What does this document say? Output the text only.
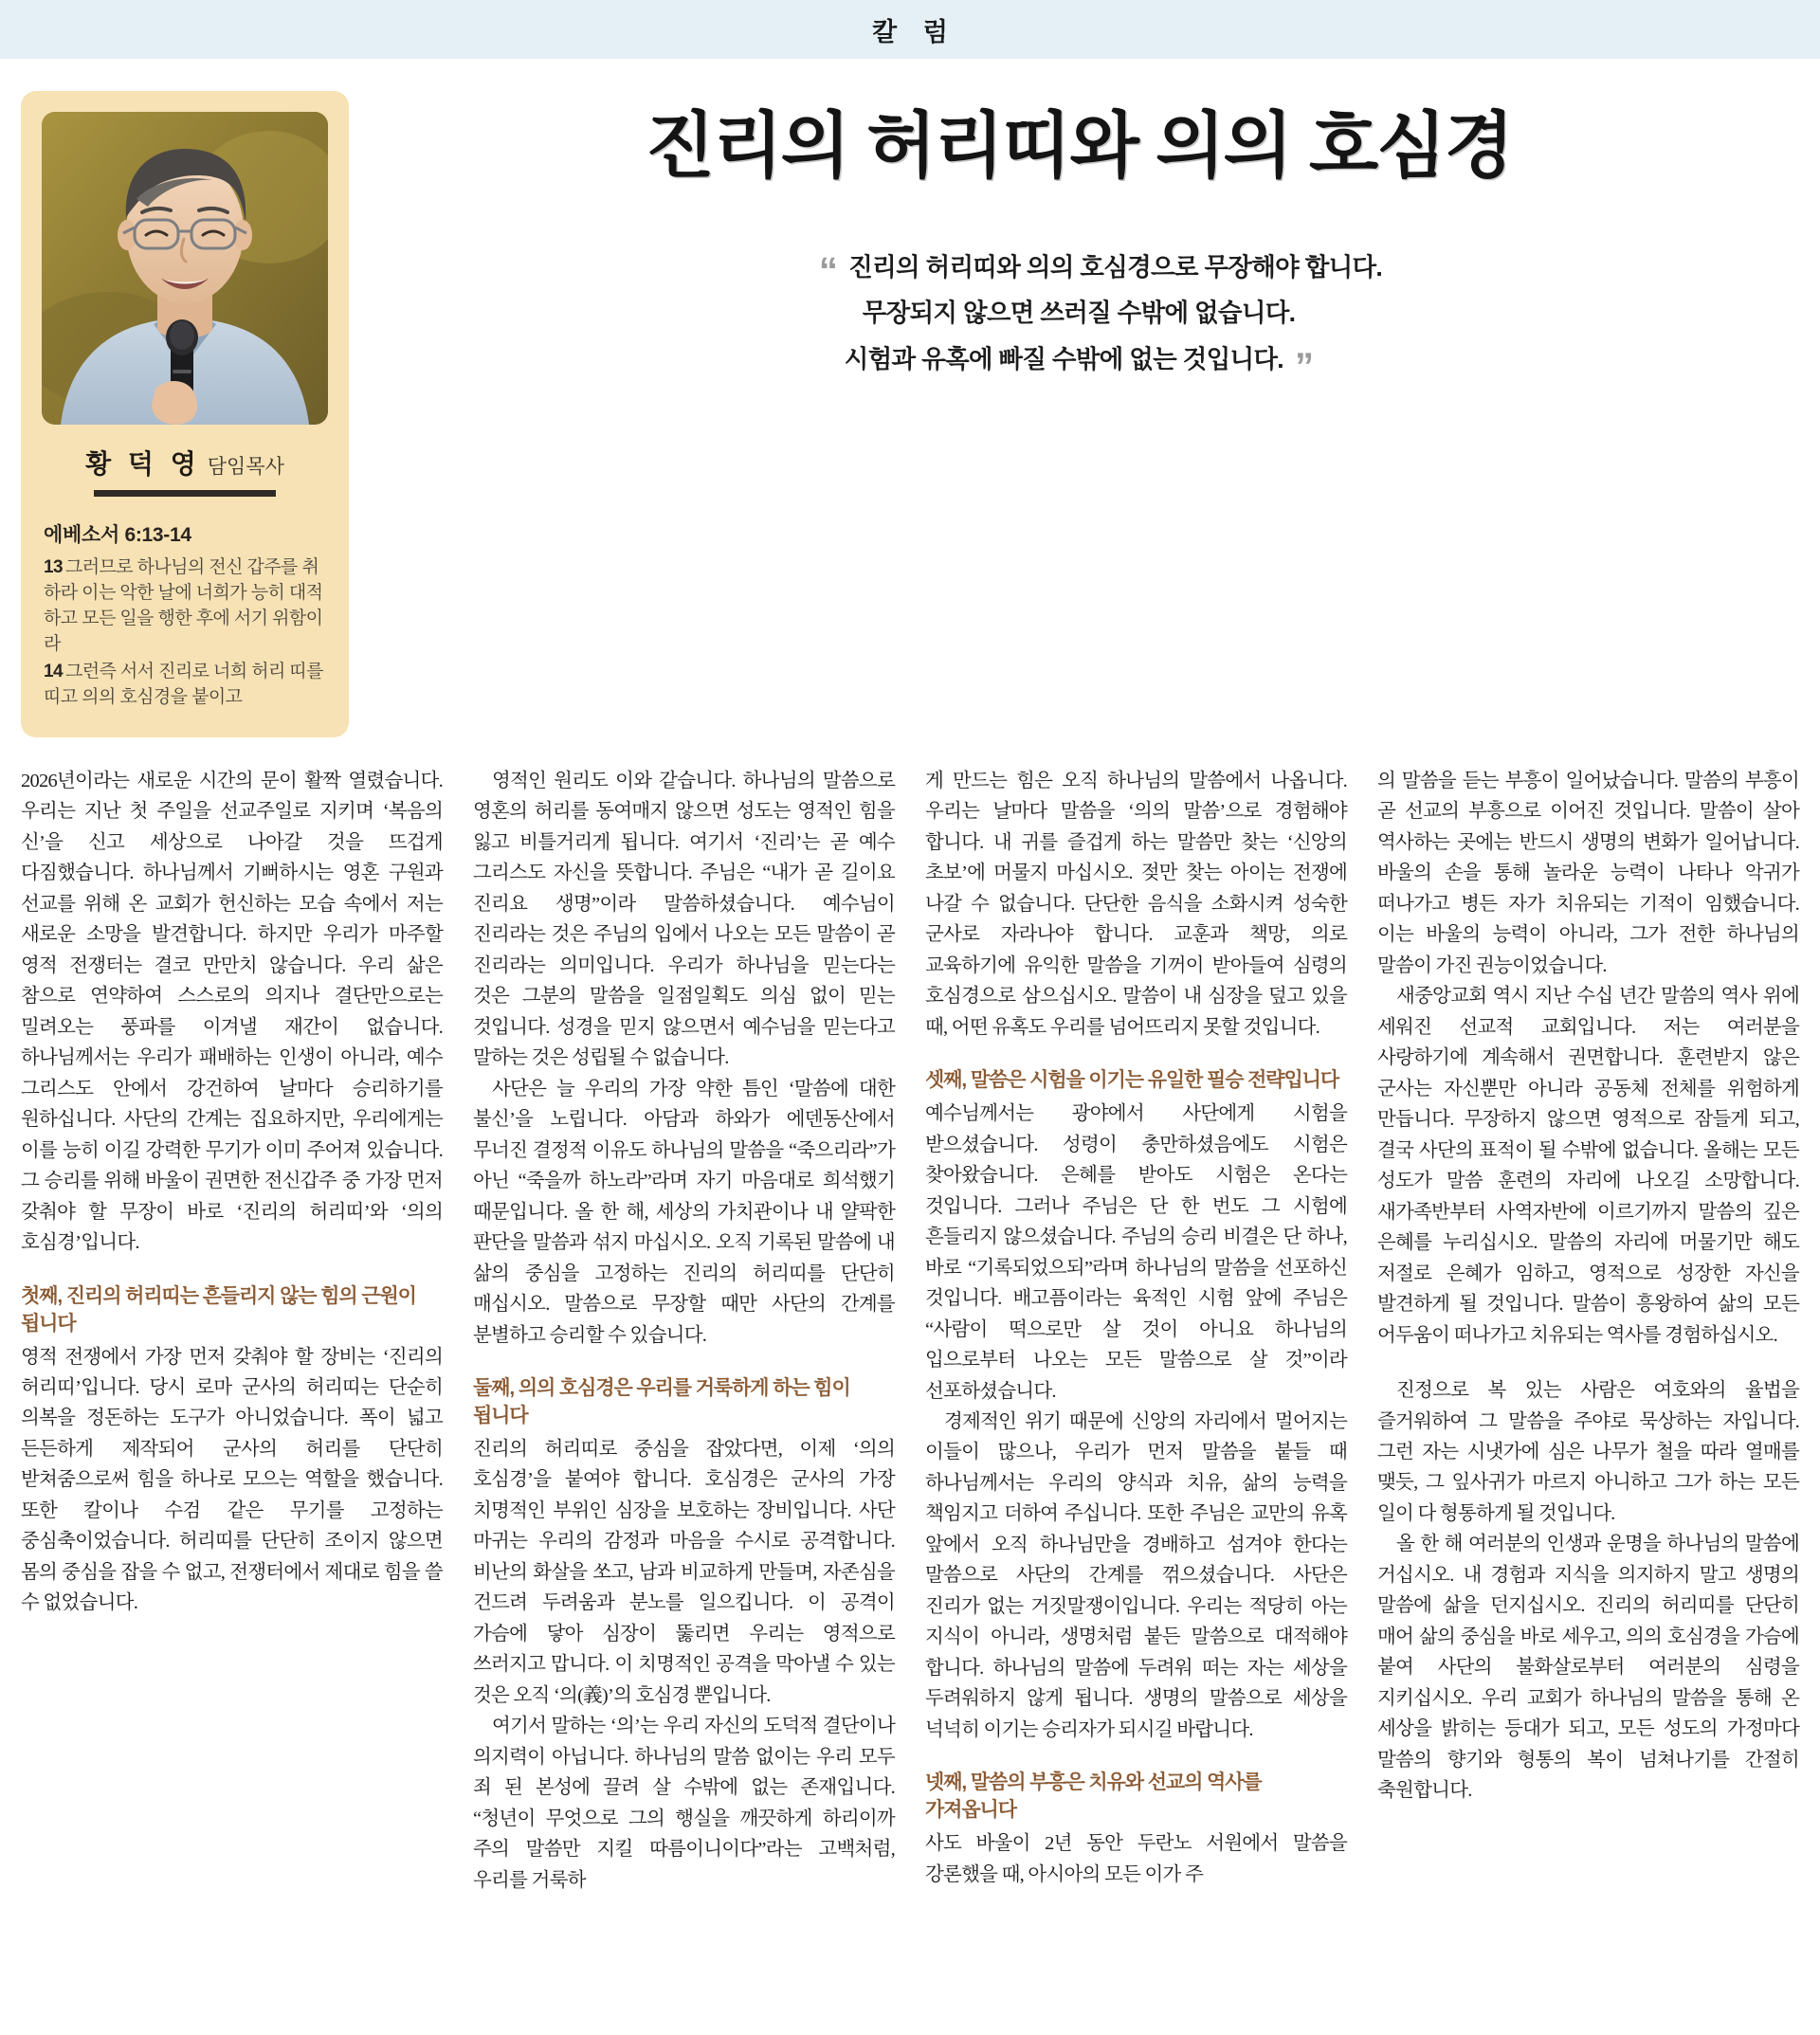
칼 럼
황 덕 영 담임목사
에베소서 6:13-14
13 그러므로 하나님의 전신 갑주를 취하라 이는 악한 날에 너희가 능히 대적하고 모든 일을 행한 후에 서기 위함이라
14 그런즉 서서 진리로 너희 허리 띠를 띠고 의의 호심경을 붙이고
진리의 허리띠와 의의 호심경
“ 진리의 허리띠와 의의 호심경으로 무장해야 합니다.
무장되지 않으면 쓰러질 수밖에 없습니다.
시험과 유혹에 빠질 수밖에 없는 것입니다. ”

2026년이라는 새로운 시간의 문이 활짝 열렸습니다. 우리는 지난 첫 주일을 선교주일로 지키며 ‘복음의 신’을 신고 세상으로 나아갈 것을 뜨겁게 다짐했습니다. 하나님께서 기뻐하시는 영혼 구원과 선교를 위해 온 교회가 헌신하는 모습 속에서 저는 새로운 소망을 발견합니다. 하지만 우리가 마주할 영적 전쟁터는 결코 만만치 않습니다. 우리 삶은 참으로 연약하여 스스로의 의지나 결단만으로는 밀려오는 풍파를 이겨낼 재간이 없습니다. 하나님께서는 우리가 패배하는 인생이 아니라, 예수 그리스도 안에서 강건하여 날마다 승리하기를 원하십니다. 사단의 간계는 집요하지만, 우리에게는 이를 능히 이길 강력한 무기가 이미 주어져 있습니다. 그 승리를 위해 바울이 권면한 전신갑주 중 가장 먼저 갖춰야 할 무장이 바로 ‘진리의 허리띠’와 ‘의의 호심경’입니다.

첫째, 진리의 허리띠는 흔들리지 않는 힘의 근원이 됩니다

영적 전쟁에서 가장 먼저 갖춰야 할 장비는 ‘진리의 허리띠’입니다. 당시 로마 군사의 허리띠는 단순히 의복을 정돈하는 도구가 아니었습니다. 폭이 넓고 든든하게 제작되어 군사의 허리를 단단히 받쳐줌으로써 힘을 하나로 모으는 역할을 했습니다. 또한 칼이나 수검 같은 무기를 고정하는 중심축이었습니다. 허리띠를 단단히 조이지 않으면 몸의 중심을 잡을 수 없고, 전쟁터에서 제대로 힘을 쓸 수 없었습니다.

영적인 원리도 이와 같습니다. 하나님의 말씀으로 영혼의 허리를 동여매지 않으면 성도는 영적인 힘을 잃고 비틀거리게 됩니다. 여기서 ‘진리’는 곧 예수 그리스도 자신을 뜻합니다. 주님은 “내가 곧 길이요 진리요 생명”이라 말씀하셨습니다. 예수님이 진리라는 것은 주님의 입에서 나오는 모든 말씀이 곧 진리라는 의미입니다. 우리가 하나님을 믿는다는 것은 그분의 말씀을 일점일획도 의심 없이 믿는 것입니다. 성경을 믿지 않으면서 예수님을 믿는다고 말하는 것은 성립될 수 없습니다.

사단은 늘 우리의 가장 약한 틈인 ‘말씀에 대한 불신’을 노립니다. 아담과 하와가 에덴동산에서 무너진 결정적 이유도 하나님의 말씀을 “죽으리라”가 아닌 “죽을까 하노라”라며 자기 마음대로 희석했기 때문입니다. 올 한 해, 세상의 가치관이나 내 얄팍한 판단을 말씀과 섞지 마십시오. 오직 기록된 말씀에 내 삶의 중심을 고정하는 진리의 허리띠를 단단히 매십시오. 말씀으로 무장할 때만 사단의 간계를 분별하고 승리할 수 있습니다.

둘째, 의의 호심경은 우리를 거룩하게 하는 힘이 됩니다

진리의 허리띠로 중심을 잡았다면, 이제 ‘의의 호심경’을 붙여야 합니다. 호심경은 군사의 가장 치명적인 부위인 심장을 보호하는 장비입니다. 사단 마귀는 우리의 감정과 마음을 수시로 공격합니다. 비난의 화살을 쏘고, 남과 비교하게 만들며, 자존심을 건드려 두려움과 분노를 일으킵니다. 이 공격이 가슴에 닿아 심장이 뚫리면 우리는 영적으로 쓰러지고 맙니다. 이 치명적인 공격을 막아낼 수 있는 것은 오직 ‘의(義)’의 호심경 뿐입니다.

여기서 말하는 ‘의’는 우리 자신의 도덕적 결단이나 의지력이 아닙니다. 하나님의 말씀 없이는 우리 모두 죄 된 본성에 끌려 살 수밖에 없는 존재입니다. “청년이 무엇으로 그의 행실을 깨끗하게 하리이까 주의 말씀만 지킬 따름이니이다”라는 고백처럼, 우리를 거룩하

게 만드는 힘은 오직 하나님의 말씀에서 나옵니다. 우리는 날마다 말씀을 ‘의의 말씀’으로 경험해야 합니다. 내 귀를 즐겁게 하는 말씀만 찾는 ‘신앙의 초보’에 머물지 마십시오. 젖만 찾는 아이는 전쟁에 나갈 수 없습니다. 단단한 음식을 소화시켜 성숙한 군사로 자라나야 합니다. 교훈과 책망, 의로 교육하기에 유익한 말씀을 기꺼이 받아들여 심령의 호심경으로 삼으십시오. 말씀이 내 심장을 덮고 있을 때, 어떤 유혹도 우리를 넘어뜨리지 못할 것입니다.

셋째, 말씀은 시험을 이기는 유일한 필승 전략입니다

예수님께서는 광야에서 사단에게 시험을 받으셨습니다. 성령이 충만하셨음에도 시험은 찾아왔습니다. 은혜를 받아도 시험은 온다는 것입니다. 그러나 주님은 단 한 번도 그 시험에 흔들리지 않으셨습니다. 주님의 승리 비결은 단 하나, 바로 “기록되었으되”라며 하나님의 말씀을 선포하신 것입니다. 배고픔이라는 육적인 시험 앞에 주님은 “사람이 떡으로만 살 것이 아니요 하나님의 입으로부터 나오는 모든 말씀으로 살 것”이라 선포하셨습니다.

경제적인 위기 때문에 신앙의 자리에서 멀어지는 이들이 많으나, 우리가 먼저 말씀을 붙들 때 하나님께서는 우리의 양식과 치유, 삶의 능력을 책임지고 더하여 주십니다. 또한 주님은 교만의 유혹 앞에서 오직 하나님만을 경배하고 섬겨야 한다는 말씀으로 사단의 간계를 꺾으셨습니다. 사단은 진리가 없는 거짓말쟁이입니다. 우리는 적당히 아는 지식이 아니라, 생명처럼 붙든 말씀으로 대적해야 합니다. 하나님의 말씀에 두려워 떠는 자는 세상을 두려워하지 않게 됩니다. 생명의 말씀으로 세상을 넉넉히 이기는 승리자가 되시길 바랍니다.

넷째, 말씀의 부흥은 치유와 선교의 역사를 가져옵니다

사도 바울이 2년 동안 두란노 서원에서 말씀을 강론했을 때, 아시아의 모든 이가 주

의 말씀을 듣는 부흥이 일어났습니다. 말씀의 부흥이 곧 선교의 부흥으로 이어진 것입니다. 말씀이 살아 역사하는 곳에는 반드시 생명의 변화가 일어납니다. 바울의 손을 통해 놀라운 능력이 나타나 악귀가 떠나가고 병든 자가 치유되는 기적이 임했습니다. 이는 바울의 능력이 아니라, 그가 전한 하나님의 말씀이 가진 권능이었습니다.

새중앙교회 역시 지난 수십 년간 말씀의 역사 위에 세워진 선교적 교회입니다. 저는 여러분을 사랑하기에 계속해서 권면합니다. 훈련받지 않은 군사는 자신뿐만 아니라 공동체 전체를 위험하게 만듭니다. 무장하지 않으면 영적으로 잠들게 되고, 결국 사단의 표적이 될 수밖에 없습니다. 올해는 모든 성도가 말씀 훈련의 자리에 나오길 소망합니다. 새가족반부터 사역자반에 이르기까지 말씀의 깊은 은혜를 누리십시오. 말씀의 자리에 머물기만 해도 저절로 은혜가 임하고, 영적으로 성장한 자신을 발견하게 될 것입니다. 말씀이 흥왕하여 삶의 모든 어두움이 떠나가고 치유되는 역사를 경험하십시오.

진정으로 복 있는 사람은 여호와의 율법을 즐거워하여 그 말씀을 주야로 묵상하는 자입니다. 그런 자는 시냇가에 심은 나무가 철을 따라 열매를 맺듯, 그 잎사귀가 마르지 아니하고 그가 하는 모든 일이 다 형통하게 될 것입니다.

올 한 해 여러분의 인생과 운명을 하나님의 말씀에 거십시오. 내 경험과 지식을 의지하지 말고 생명의 말씀에 삶을 던지십시오. 진리의 허리띠를 단단히 매어 삶의 중심을 바로 세우고, 의의 호심경을 가슴에 붙여 사단의 불화살로부터 여러분의 심령을 지키십시오. 우리 교회가 하나님의 말씀을 통해 온 세상을 밝히는 등대가 되고, 모든 성도의 가정마다 말씀의 향기와 형통의 복이 넘쳐나기를 간절히 축원합니다.
